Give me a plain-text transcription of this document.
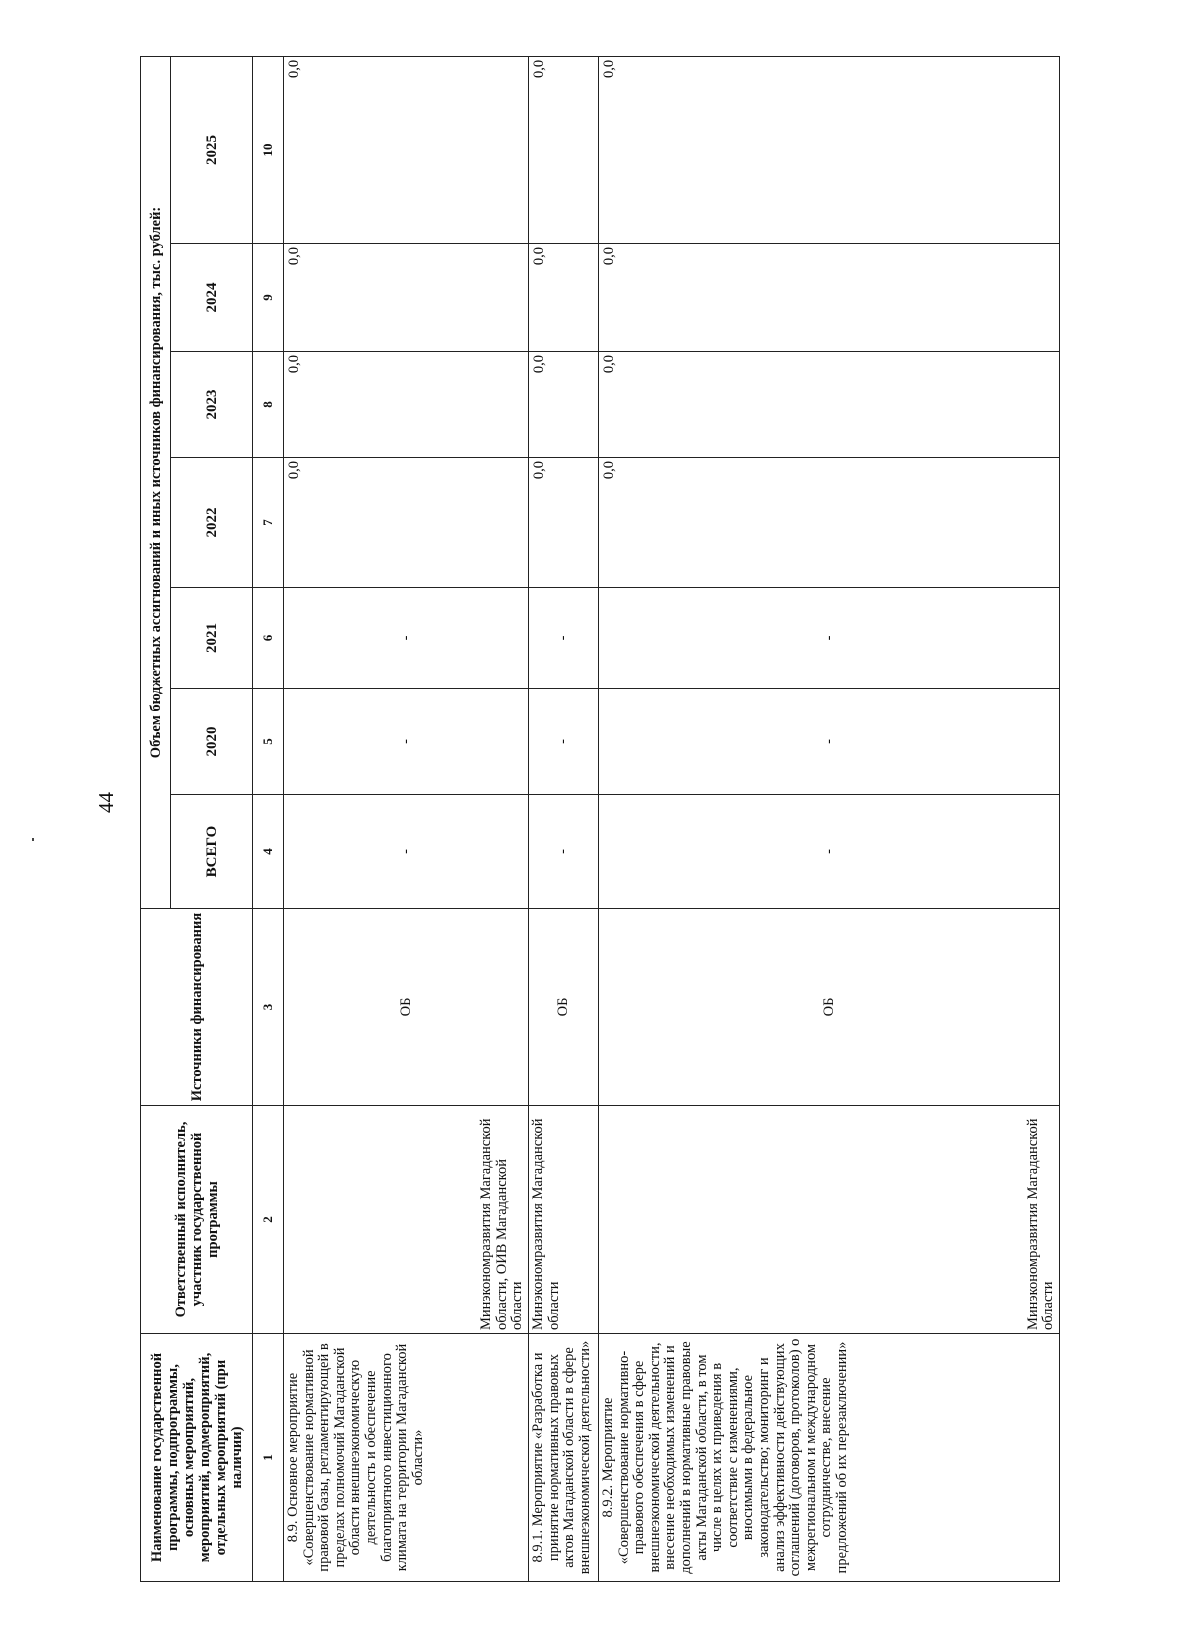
44
Наименование государственной программы, подпрограммы, основных мероприятий, мероприятий, подмероприятий, отдельных мероприятий (при наличии)	Ответственный исполнитель, участник государственной программы	Источники финансирования	Объем бюджетных ассигнований и иных источников финансирования, тыс. рублей:						
			ВСЕГО	2020	2021	2022	2023	2024	2025
1	2	3	4	5	6	7	8	9	10
8.9. Основное мероприятие «Совершенствование нормативной правовой базы, регламентирующей в пределах полномочий Магаданской области внешнеэкономическую деятельность и обеспечение благоприятного инвестиционного климата на территории Магаданской области»	Минэкономразвития Магаданской области, ОИВ Магаданской области	ОБ	-	-	-	0,0	0,0	0,0	0,0
8.9.1. Мероприятие «Разработка и принятие нормативных правовых актов Магаданской области в сфере внешнеэкономической деятельности»	Минэкономразвития Магаданской области	ОБ	-	-	-	0,0	0,0	0,0	0,0
8.9.2. Мероприятие «Совершенствование нормативно-правового обеспечения в сфере внешнеэкономической деятельности, внесение необходимых изменений и дополнений в нормативные правовые акты Магаданской области, в том числе в целях их приведения в соответствие с изменениями, вносимыми в федеральное законодательство; мониторинг и анализ эффективности действующих соглашений (договоров, протоколов) о межрегиональном и международном сотрудничестве, внесение предложений об их перезаключении»	Минэкономразвития Магаданской области	ОБ	-	-	-	0,0	0,0	0,0	0,0
